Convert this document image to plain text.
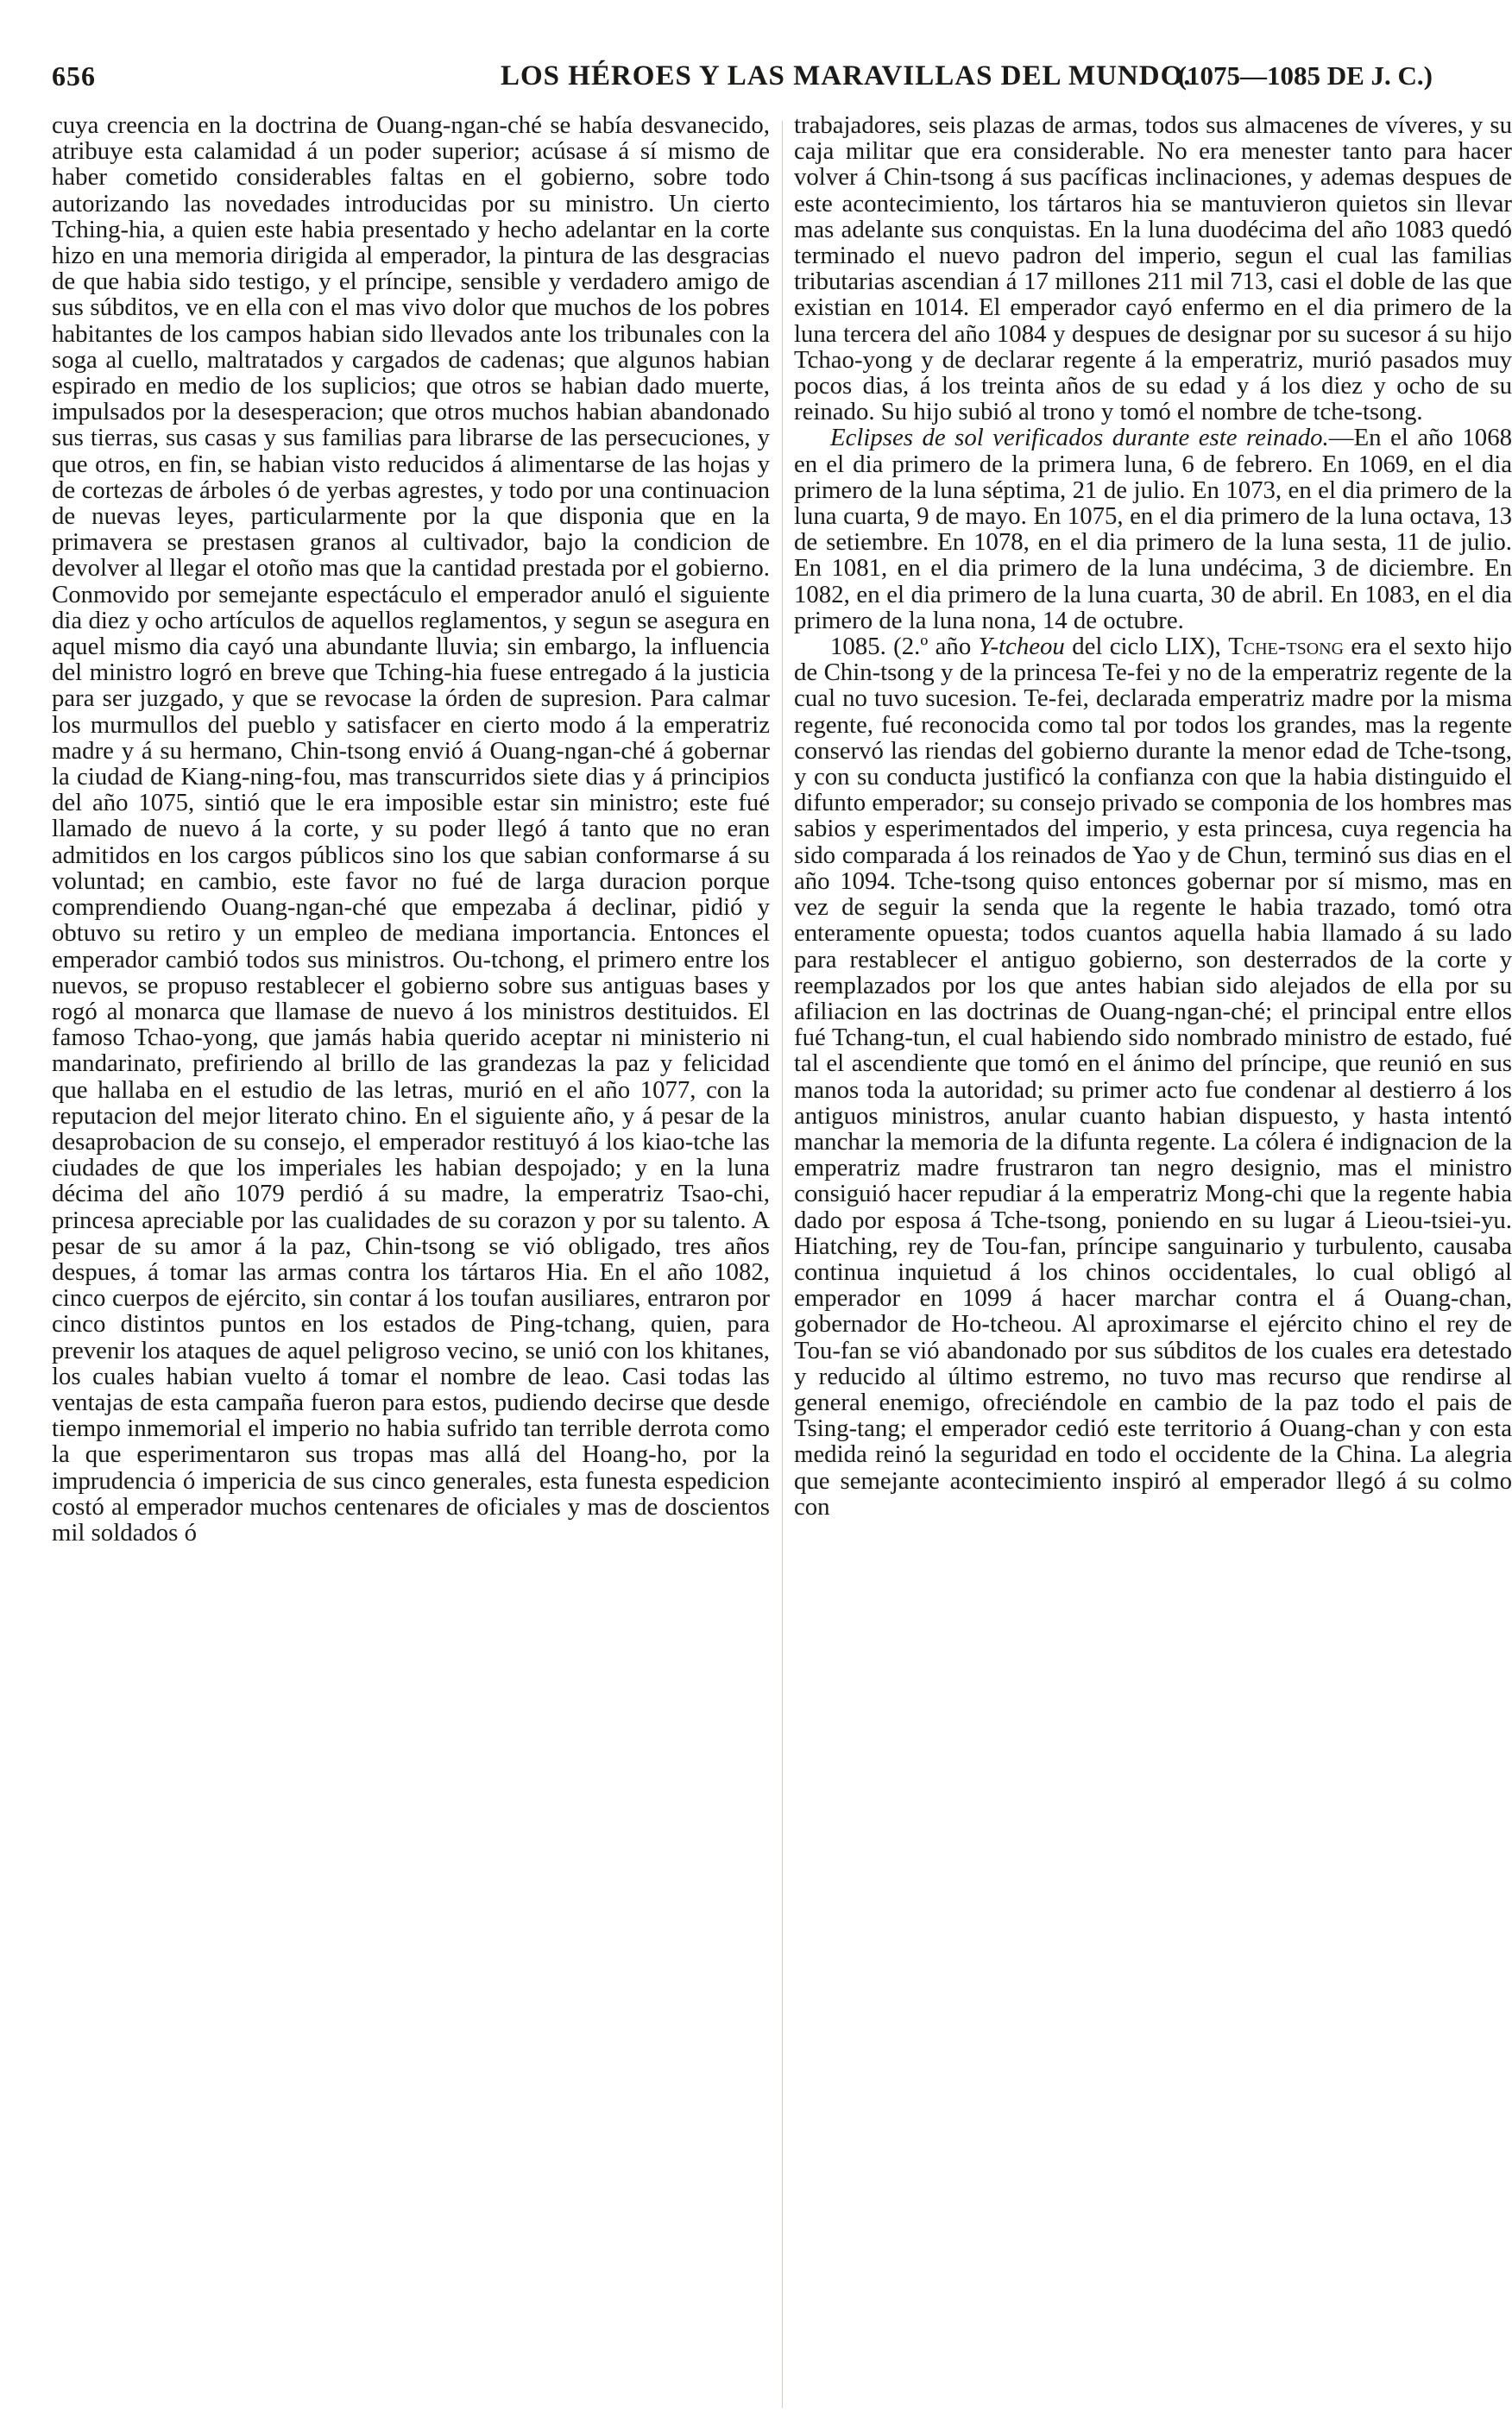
656	LOS HÉROES Y LAS MARAVILLAS DEL MUNDO.
(1075—1085 DE J. C.)

cuya creencia en la doctrina de Ouang-ngan-ché se había desvanecido, atribuye esta calamidad á un poder superior; acúsase á sí mismo de haber cometido considerables faltas en el gobierno, sobre todo autorizando las novedades introducidas por su ministro. Un cierto Tching-hia, a quien este habia presentado y hecho adelantar en la corte hizo en una memoria dirigida al emperador, la pintura de las desgracias de que habia sido testigo, y el príncipe, sensible y verdadero amigo de sus súbditos, ve en ella con el mas vivo dolor que muchos de los pobres habitantes de los campos habian sido llevados ante los tribunales con la soga al cuello, maltratados y cargados de cadenas; que algunos habian espirado en medio de los suplicios; que otros se habian dado muerte, impulsados por la desesperacion; que otros muchos habian abandonado sus tierras, sus casas y sus familias para librarse de las persecuciones, y que otros, en fin, se habian visto reducidos á alimentarse de las hojas y de cortezas de árboles ó de yerbas agrestes, y todo por una continuacion de nuevas leyes, particularmente por la que disponia que en la primavera se prestasen granos al cultivador, bajo la condicion de devolver al llegar el otoño mas que la cantidad prestada por el gobierno. Conmovido por semejante espectáculo el emperador anuló el siguiente dia diez y ocho artículos de aquellos reglamentos, y segun se asegura en aquel mismo dia cayó una abundante lluvia; sin embargo, la influencia del ministro logró en breve que Tching-hia fuese entregado á la justicia para ser juzgado, y que se revocase la órden de supresion. Para calmar los murmullos del pueblo y satisfacer en cierto modo á la emperatriz madre y á su hermano, Chin-tsong envió á Ouang-ngan-ché á gobernar la ciudad de Kiang-ning-fou, mas transcurridos siete dias y á principios del año 1075, sintió que le era imposible estar sin ministro; este fué llamado de nuevo á la corte, y su poder llegó á tanto que no eran admitidos en los cargos públicos sino los que sabian conformarse á su voluntad; en cambio, este favor no fué de larga duracion porque comprendiendo Ouang-ngan-ché que empezaba á declinar, pidió y obtuvo su retiro y un empleo de mediana importancia. Entonces el emperador cambió todos sus ministros. Ou-tchong, el primero entre los nuevos, se propuso restablecer el gobierno sobre sus antiguas bases y rogó al monarca que llamase de nuevo á los ministros destituidos. El famoso Tchao-yong, que jamás habia querido aceptar ni ministerio ni mandarinato, prefiriendo al brillo de las grandezas la paz y felicidad que hallaba en el estudio de las letras, murió en el año 1077, con la reputacion del mejor literato chino. En el siguiente año, y á pesar de la desaprobacion de su consejo, el emperador restituyó á los kiao-tche las ciudades de que los imperiales les habian despojado; y en la luna décima del año 1079 perdió á su madre, la emperatriz Tsao-chi, princesa apreciable por las cualidades de su corazon y por su talento. A pesar de su amor á la paz, Chin-tsong se vió obligado, tres años despues, á tomar las armas contra los tártaros Hia. En el año 1082, cinco cuerpos de ejército, sin contar á los toufan ausiliares, entraron por cinco distintos puntos en los estados de Ping-tchang, quien, para prevenir los ataques de aquel peligroso vecino, se unió con los khitanes, los cuales habian vuelto á tomar el nombre de leao. Casi todas las ventajas de esta campaña fueron para estos, pudiendo decirse que desde tiempo inmemorial el imperio no habia sufrido tan terrible derrota como la que esperimentaron sus tropas mas allá del Hoang-ho, por la imprudencia ó impericia de sus cinco generales, esta funesta espedicion costó al emperador muchos centenares de oficiales y mas de doscientos mil soldados ó

trabajadores, seis plazas de armas, todos sus almacenes de víveres, y su caja militar que era considerable. No era menester tanto para hacer volver á Chin-tsong á sus pacíficas inclinaciones, y ademas despues de este acontecimiento, los tártaros hia se mantuvieron quietos sin llevar mas adelante sus conquistas. En la luna duodécima del año 1083 quedó terminado el nuevo padron del imperio, segun el cual las familias tributarias ascendian á 17 millones 211 mil 713, casi el doble de las que existian en 1014. El emperador cayó enfermo en el dia primero de la luna tercera del año 1084 y despues de designar por su sucesor á su hijo Tchao-yong y de declarar regente á la emperatriz, murió pasados muy pocos dias, á los treinta años de su edad y á los diez y ocho de su reinado. Su hijo subió al trono y tomó el nombre de tche-tsong.

Eclipses de sol verificados durante este reinado.—En el año 1068 en el dia primero de la primera luna, 6 de febrero. En 1069, en el dia primero de la luna séptima, 21 de julio. En 1073, en el dia primero de la luna cuarta, 9 de mayo. En 1075, en el dia primero de la luna octava, 13 de setiembre. En 1078, en el dia primero de la luna sesta, 11 de julio. En 1081, en el dia primero de la luna undécima, 3 de diciembre. En 1082, en el dia primero de la luna cuarta, 30 de abril. En 1083, en el dia primero de la luna nona, 14 de octubre.

1085. (2.º año Y-tcheou del ciclo LIX), Tche-tsong era el sexto hijo de Chin-tsong y de la princesa Te-fei y no de la emperatriz regente de la cual no tuvo sucesion. Te-fei, declarada emperatriz madre por la misma regente, fué reconocida como tal por todos los grandes, mas la regente conservó las riendas del gobierno durante la menor edad de Tche-tsong, y con su conducta justificó la confianza con que la habia distinguido el difunto emperador; su consejo privado se componia de los hombres mas sabios y esperimentados del imperio, y esta princesa, cuya regencia ha sido comparada á los reinados de Yao y de Chun, terminó sus dias en el año 1094. Tche-tsong quiso entonces gobernar por sí mismo, mas en vez de seguir la senda que la regente le habia trazado, tomó otra enteramente opuesta; todos cuantos aquella habia llamado á su lado para restablecer el antiguo gobierno, son desterrados de la corte y reemplazados por los que antes habian sido alejados de ella por su afiliacion en las doctrinas de Ouang-ngan-ché; el principal entre ellos fué Tchang-tun, el cual habiendo sido nombrado ministro de estado, fué tal el ascendiente que tomó en el ánimo del príncipe, que reunió en sus manos toda la autoridad; su primer acto fue condenar al destierro á los antiguos ministros, anular cuanto habian dispuesto, y hasta intentó manchar la memoria de la difunta regente. La cólera é indignacion de la emperatriz madre frustraron tan negro designio, mas el ministro consiguió hacer repudiar á la emperatriz Mong-chi que la regente habia dado por esposa á Tche-tsong, poniendo en su lugar á Lieou-tsiei-yu. Hiatching, rey de Tou-fan, príncipe sanguinario y turbulento, causaba continua inquietud á los chinos occidentales, lo cual obligó al emperador en 1099 á hacer marchar contra el á Ouang-chan, gobernador de Ho-tcheou. Al aproximarse el ejército chino el rey de Tou-fan se vió abandonado por sus súbditos de los cuales era detestado y reducido al último estremo, no tuvo mas recurso que rendirse al general enemigo, ofreciéndole en cambio de la paz todo el pais de Tsing-tang; el emperador cedió este territorio á Ouang-chan y con esta medida reinó la seguridad en todo el occidente de la China. La alegria que semejante acontecimiento inspiró al emperador llegó á su colmo con
